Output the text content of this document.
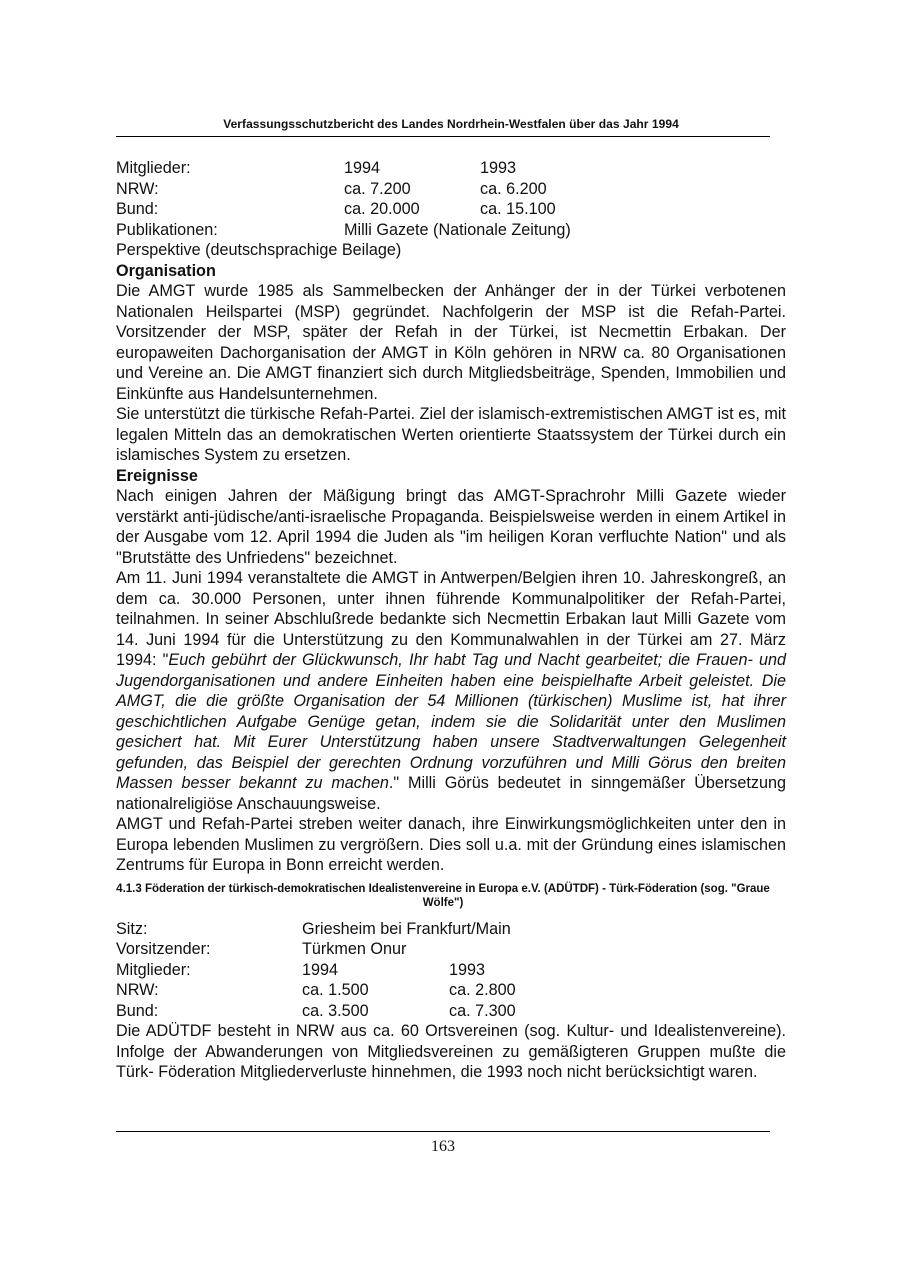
Verfassungsschutzbericht des Landes Nordrhein-Westfalen über das Jahr 1994
Mitglieder:	1994	1993
NRW:	ca. 7.200	ca. 6.200
Bund:	ca. 20.000	ca. 15.100
Publikationen:	Milli Gazete (Nationale Zeitung)
Perspektive (deutschsprachige Beilage)
Organisation

Die AMGT wurde 1985 als Sammelbecken der Anhänger der in der Türkei verbotenen Nationalen Heilspartei (MSP) gegründet. Nachfolgerin der MSP ist die Refah-Partei. Vorsitzender der MSP, später der Refah in der Türkei, ist Necmettin Erbakan. Der europaweiten Dachorganisation der AMGT in Köln gehören in NRW ca. 80 Organisationen und Vereine an. Die AMGT finanziert sich durch Mitgliedsbeiträge, Spenden, Immobilien und Einkünfte aus Handelsunternehmen.

Sie unterstützt die türkische Refah-Partei. Ziel der islamisch-extremistischen AMGT ist es, mit legalen Mitteln das an demokratischen Werten orientierte Staatssystem der Türkei durch ein islamisches System zu ersetzen.

Ereignisse

Nach einigen Jahren der Mäßigung bringt das AMGT-Sprachrohr Milli Gazete wieder verstärkt anti-jüdische/anti-israelische Propaganda. Beispielsweise werden in einem Artikel in der Ausgabe vom 12. April 1994 die Juden als "im heiligen Koran verfluchte Nation" und als "Brutstätte des Unfriedens" bezeichnet.

Am 11. Juni 1994 veranstaltete die AMGT in Antwerpen/Belgien ihren 10. Jahreskongreß, an dem ca. 30.000 Personen, unter ihnen führende Kommunalpolitiker der Refah-Partei, teilnahmen. In seiner Abschlußrede bedankte sich Necmettin Erbakan laut Milli Gazete vom 14. Juni 1994 für die Unterstützung zu den Kommunalwahlen in der Türkei am 27. März 1994: "Euch gebührt der Glückwunsch, Ihr habt Tag und Nacht gearbeitet; die Frauen- und Jugendorganisationen und andere Einheiten haben eine beispielhafte Arbeit geleistet. Die AMGT, die die größte Organisation der 54 Millionen (türkischen) Muslime ist, hat ihrer geschichtlichen Aufgabe Genüge getan, indem sie die Solidarität unter den Muslimen gesichert hat. Mit Eurer Unterstützung haben unsere Stadtverwaltungen Gelegenheit gefunden, das Beispiel der gerechten Ordnung vorzuführen und Milli Görus den breiten Massen besser bekannt zu machen." Milli Görüs bedeutet in sinngemäßer Übersetzung nationalreligiöse Anschauungsweise.

AMGT und Refah-Partei streben weiter danach, ihre Einwirkungsmöglichkeiten unter den in Europa lebenden Muslimen zu vergrößern. Dies soll u.a. mit der Gründung eines islamischen Zentrums für Europa in Bonn erreicht werden.

4.1.3 Föderation der türkisch-demokratischen Idealistenvereine in Europa e.V. (ADÜTDF) - Türk-Föderation (sog. "Graue Wölfe")
Sitz:	Griesheim bei Frankfurt/Main
Vorsitzender:	Türkmen Onur
Mitglieder:	1994	1993
NRW:	ca. 1.500	ca. 2.800
Bund:	ca. 3.500	ca. 7.300

Die ADÜTDF besteht in NRW aus ca. 60 Ortsvereinen (sog. Kultur- und Idealistenvereine). Infolge der Abwanderungen von Mitgliedsvereinen zu gemäßigteren Gruppen mußte die Türk- Föderation Mitgliederverluste hinnehmen, die 1993 noch nicht berücksichtigt waren.

163
